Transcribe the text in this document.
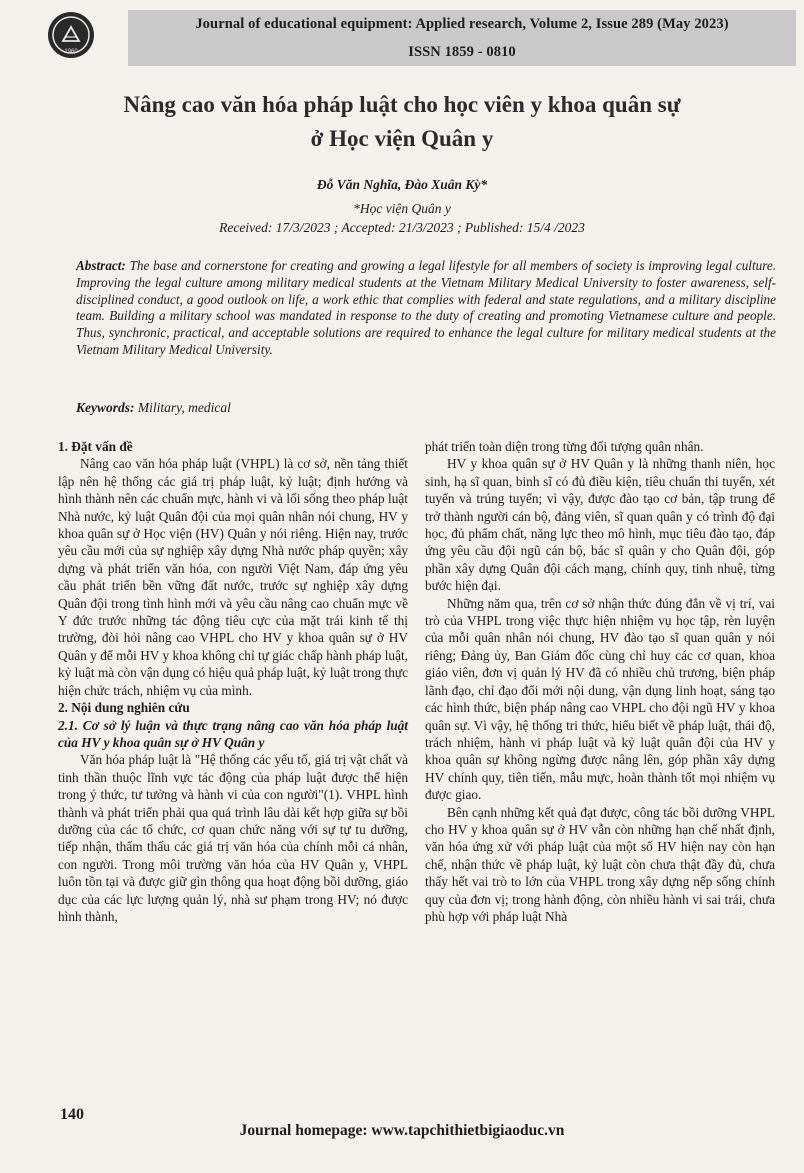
1960
Journal of educational equipment: Applied research, Volume 2, Issue 289 (May 2023)
ISSN 1859 - 0810
Nâng cao văn hóa pháp luật cho học viên y khoa quân sự
ở Học viện Quân y
Đỗ Văn Nghĩa, Đào Xuân Kỳ*
*Học viện Quân y
Received: 17/3/2023 ; Accepted: 21/3/2023 ; Published: 15/4 /2023
Abstract: The base and cornerstone for creating and growing a legal lifestyle for all members of society is improving legal culture. Improving the legal culture among military medical students at the Vietnam Military Medical University to foster awareness, self-disciplined conduct, a good outlook on life, a work ethic that complies with federal and state regulations, and a military discipline team. Building a military school was mandated in response to the duty of creating and promoting Vietnamese culture and people. Thus, synchronic, practical, and acceptable solutions are required to enhance the legal culture for military medical students at the Vietnam Military Medical University.
Keywords: Military, medical
1. Đặt vấn đề

Nâng cao văn hóa pháp luật (VHPL) là cơ sở, nền tảng thiết lập nên hệ thống các giá trị pháp luật, kỷ luật; định hướng và hình thành nên các chuẩn mực, hành vi và lối sống theo pháp luật Nhà nước, kỷ luật Quân đội của mọi quân nhân nói chung, HV y khoa quân sự ở Học viện (HV) Quân y nói riêng. Hiện nay, trước yêu cầu mới của sự nghiệp xây dựng Nhà nước pháp quyền; xây dựng và phát triển văn hóa, con người Việt Nam, đáp ứng yêu cầu phát triển bền vững đất nước, trước sự nghiệp xây dựng Quân đội trong tình hình mới và yêu cầu nâng cao chuẩn mực về Y đức trước những tác động tiêu cực của mặt trái kinh tế thị trường, đòi hỏi nâng cao VHPL cho HV y khoa quân sự ở HV Quân y để mỗi HV y khoa không chỉ tự giác chấp hành pháp luật, kỷ luật mà còn vận dụng có hiệu quả pháp luật, kỷ luật trong thực hiện chức trách, nhiệm vụ của mình.

2. Nội dung nghiên cứu
2.1. Cơ sở lý luận và thực trạng nâng cao văn hóa pháp luật của HV y khoa quân sự ở HV Quân y

Văn hóa pháp luật là "Hệ thống các yếu tố, giá trị vật chất và tinh thần thuộc lĩnh vực tác động của pháp luật được thể hiện trong ý thức, tư tưởng và hành vi của con người"(1). VHPL hình thành và phát triển phải qua quá trình lâu dài kết hợp giữa sự bồi dưỡng của các tổ chức, cơ quan chức năng với sự tự tu dưỡng, tiếp nhận, thẩm thấu các giá trị văn hóa của chính mỗi cá nhân, con người. Trong môi trường văn hóa của HV Quân y, VHPL luôn tồn tại và được giữ gìn thông qua hoạt động bồi dưỡng, giáo dục của các lực lượng quản lý, nhà sư phạm trong HV; nó được hình thành,

phát triển toàn diện trong từng đối tượng quân nhân.

HV y khoa quân sự ở HV Quân y là những thanh niên, học sinh, hạ sĩ quan, binh sĩ có đủ điều kiện, tiêu chuẩn thi tuyển, xét tuyển và trúng tuyển; vì vậy, được đào tạo cơ bản, tập trung để trở thành người cán bộ, đảng viên, sĩ quan quân y có trình độ đại học, đủ phẩm chất, năng lực theo mô hình, mục tiêu đào tạo, đáp ứng yêu cầu đội ngũ cán bộ, bác sĩ quân y cho Quân đội, góp phần xây dựng Quân đội cách mạng, chính quy, tinh nhuệ, từng bước hiện đại.

Những năm qua, trên cơ sở nhận thức đúng đắn về vị trí, vai trò của VHPL trong việc thực hiện nhiệm vụ học tập, rèn luyện của mỗi quân nhân nói chung, HV đào tạo sĩ quan quân y nói riêng; Đảng ủy, Ban Giám đốc cùng chỉ huy các cơ quan, khoa giáo viên, đơn vị quản lý HV đã có nhiều chủ trương, biện pháp lãnh đạo, chỉ đạo đổi mới nội dung, vận dụng linh hoạt, sáng tạo các hình thức, biện pháp nâng cao VHPL cho đội ngũ HV y khoa quân sự. Vì vậy, hệ thống tri thức, hiểu biết về pháp luật, thái độ, trách nhiệm, hành vi pháp luật và kỷ luật quân đội của HV y khoa quân sự không ngừng được nâng lên, góp phần xây dựng HV chính quy, tiên tiến, mẫu mực, hoàn thành tốt mọi nhiệm vụ được giao.

Bên cạnh những kết quả đạt được, công tác bồi dưỡng VHPL cho HV y khoa quân sự ở HV vẫn còn những hạn chế nhất định, văn hóa ứng xử với pháp luật của một số HV hiện nay còn hạn chế, nhận thức về pháp luật, kỷ luật còn chưa thật đầy đủ, chưa thấy hết vai trò to lớn của VHPL trong xây dựng nếp sống chính quy của đơn vị; trong hành động, còn nhiều hành vi sai trái, chưa phù hợp với pháp luật Nhà

140
Journal homepage: www.tapchithietbigiaoduc.vn
